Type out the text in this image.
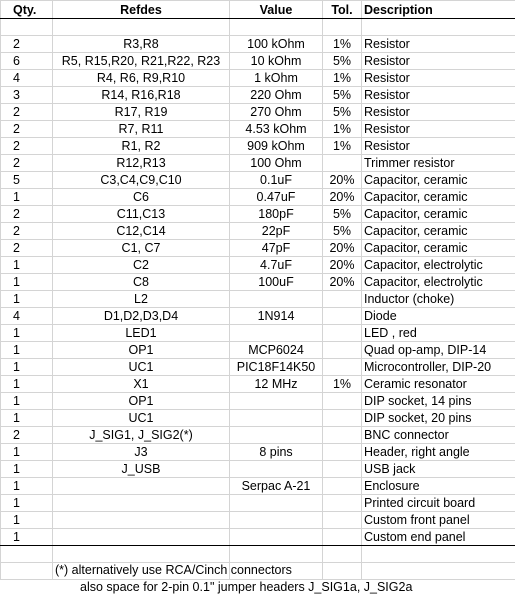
Qty.	Refdes	Value	Tol.	Description

2	R3,R8	100 kOhm	1%	Resistor
6	R5, R15,R20, R21,R22, R23	10 kOhm	5%	Resistor
4	R4, R6, R9,R10	1 kOhm	1%	Resistor
3	R14, R16,R18	220 Ohm	5%	Resistor
2	R17, R19	270 Ohm	5%	Resistor
2	R7, R11	4.53 kOhm	1%	Resistor
2	R1, R2	909 kOhm	1%	Resistor
2	R12,R13	100 Ohm		Trimmer resistor
5	C3,C4,C9,C10	0.1uF	20%	Capacitor, ceramic
1	C6	0.47uF	20%	Capacitor, ceramic
2	C11,C13	180pF	5%	Capacitor, ceramic
2	C12,C14	22pF	5%	Capacitor, ceramic
2	C1, C7	47pF	20%	Capacitor, ceramic
1	C2	4.7uF	20%	Capacitor, electrolytic
1	C8	100uF	20%	Capacitor, electrolytic
1	L2			Inductor (choke)
4	D1,D2,D3,D4	1N914		Diode
1	LED1			LED , red
1	OP1	MCP6024		Quad op-amp, DIP-14
1	UC1	PIC18F14K50		Microcontroller, DIP-20
1	X1	12 MHz	1%	Ceramic resonator
1	OP1			DIP socket, 14 pins
1	UC1			DIP socket, 20 pins
2	J_SIG1, J_SIG2(*)			BNC connector
1	J3	8 pins		Header, right angle
1	J_USB			USB jack
1		Serpac A-21		Enclosure
1				Printed circuit board
1				Custom front panel
1				Custom end panel

(*) alternatively use RCA/Cinch connectors
also space for 2-pin 0.1" jumper headers J_SIG1a, J_SIG2a
